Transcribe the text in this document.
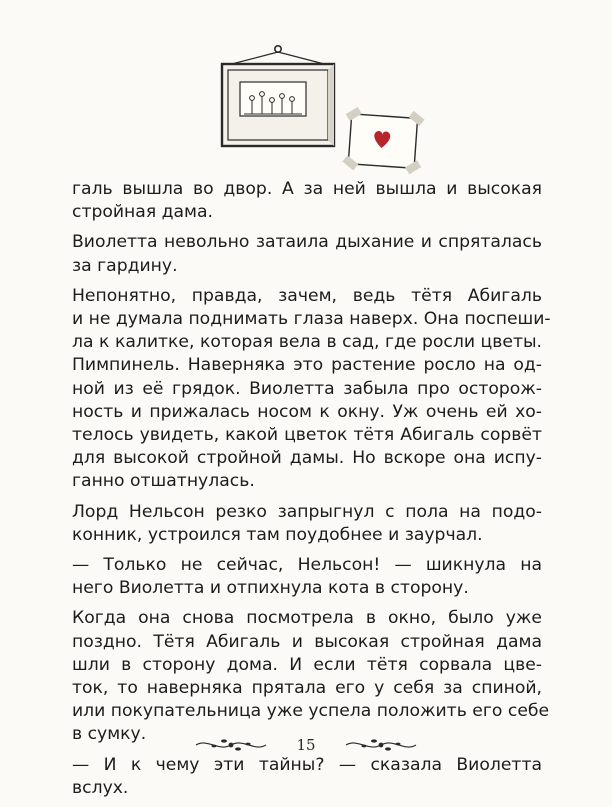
галь вышла во двор. А за ней вышла и высокая
стройная дама.
Виолетта невольно затаила дыхание и спряталась
за гардину.
Непонятно, правда, зачем, ведь тётя Абигаль
и не думала поднимать глаза наверх. Она поспеши-
ла к калитке, которая вела в сад, где росли цветы.
Пимпинель. Наверняка это растение росло на од-
ной из её грядок. Виолетта забыла про осторож-
ность и прижалась носом к окну. Уж очень ей хо-
телось увидеть, какой цветок тётя Абигаль сорвёт
для высокой стройной дамы. Но вскоре она испу-
ганно отшатнулась.
Лорд Нельсон резко запрыгнул с пола на подо-
конник, устроился там поудобнее и заурчал.
— Только не сейчас, Нельсон! — шикнула на
него Виолетта и отпихнула кота в сторону.
Когда она снова посмотрела в окно, было уже
поздно. Тётя Абигаль и высокая стройная дама
шли в сторону дома. И если тётя сорвала цве-
ток, то наверняка прятала его у себя за спиной,
или покупательница уже успела положить его себе
в сумку.
— И к чему эти тайны? — сказала Виолетта
вслух.
15
